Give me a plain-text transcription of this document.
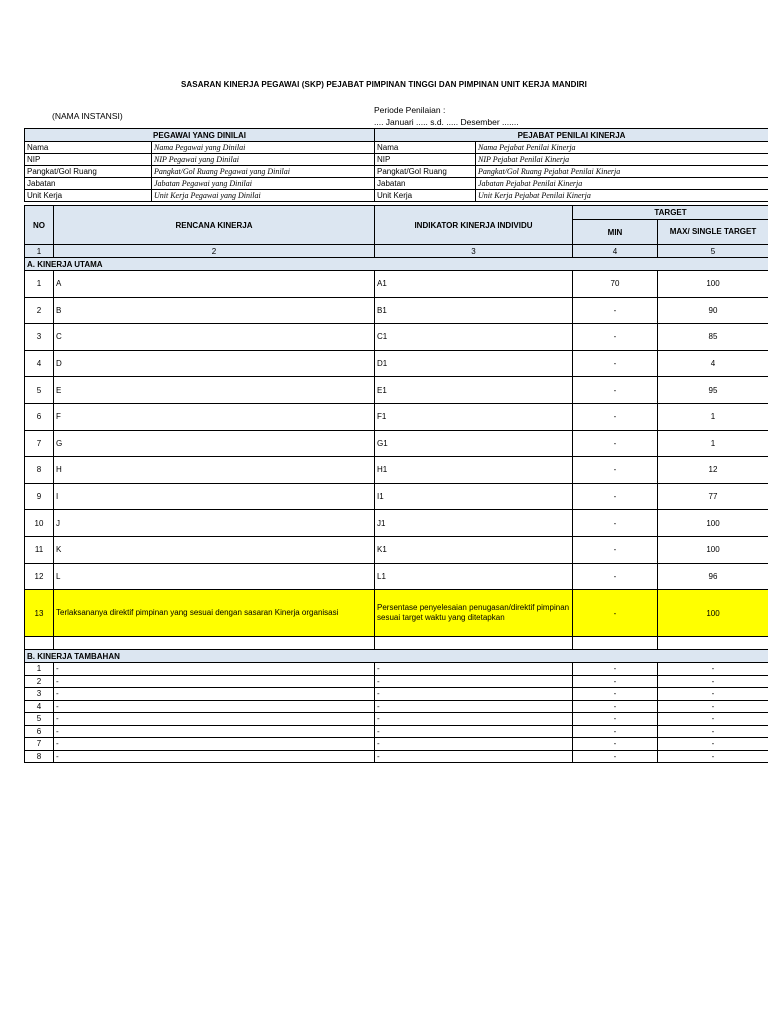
SASARAN KINERJA PEGAWAI (SKP) PEJABAT PIMPINAN TINGGI DAN PIMPINAN UNIT KERJA MANDIRI
(NAMA INSTANSI)
Periode Penilaian :
.... Januari ..... s.d. ..... Desember .......
PEGAWAI YANG DINILAI		PEJABAT PENILAI KINERJA	
Nama	Nama Pegawai yang Dinilai	Nama	Nama Pejabat Penilai Kinerja
NIP	NIP Pegawai yang Dinilai	NIP	NIP Pejabat Penilai Kinerja
Pangkat/Gol Ruang	Pangkat/Gol Ruang Pegawai yang Dinilai	Pangkat/Gol Ruang	Pangkat/Gol Ruang Pejabat Penilai Kinerja
Jabatan	Jabatan Pegawai yang Dinilai	Jabatan	Jabatan Pejabat Penilai Kinerja
Unit Kerja	Unit Kerja Pegawai yang Dinilai	Unit Kerja	Unit Kerja Pejabat Penilai Kinerja
NO	RENCANA KINERJA	INDIKATOR KINERJA INDIVIDU	TARGET	
			MIN	MAX/ SINGLE TARGET
1	2	3	4	5
A. KINERJA UTAMA				
1	A	A1	70	100
2	B	B1	-	90
3	C	C1	-	85
4	D	D1	-	4
5	E	E1	-	95
6	F	F1	-	1
7	G	G1	-	1
8	H	H1	-	12
9	I	I1	-	77
10	J	J1	-	100
11	K	K1	-	100
12	L	L1	-	96
13	Terlaksananya direktif pimpinan yang sesuai dengan sasaran Kinerja organisasi	Persentase penyelesaian penugasan/direktif pimpinan sesuai target waktu yang ditetapkan	-	100

B. KINERJA TAMBAHAN				
1	-	-	-	-
2	-	-	-	-
3	-	-	-	-
4	-	-	-	-
5	-	-	-	-
6	-	-	-	-
7	-	-	-	-
8	-	-	-	-
